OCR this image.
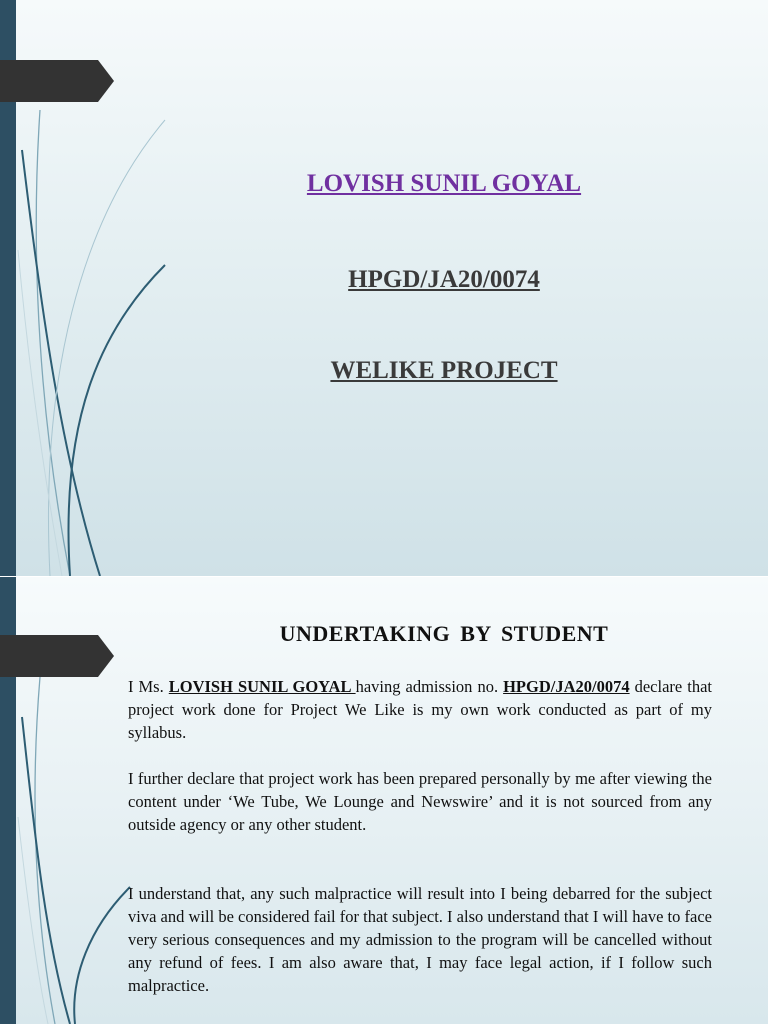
LOVISH SUNIL GOYAL

HPGD/JA20/0074

WELIKE PROJECT

UNDERTAKING BY STUDENT

I Ms. LOVISH SUNIL GOYAL having admission no. HPGD/JA20/0074 declare that project work done for Project We Like is my own work conducted as part of my syllabus.

I further declare that project work has been prepared personally by me after viewing the content under ‘We Tube, We Lounge and Newswire’ and it is not sourced from any outside agency or any other student.

I understand that, any such malpractice will result into I being debarred for the subject viva and will be considered fail for that subject. I also understand that I will have to face very serious consequences and my admission to the program will be cancelled without any refund of fees. I am also aware that, I may face legal action, if I follow such malpractice.
